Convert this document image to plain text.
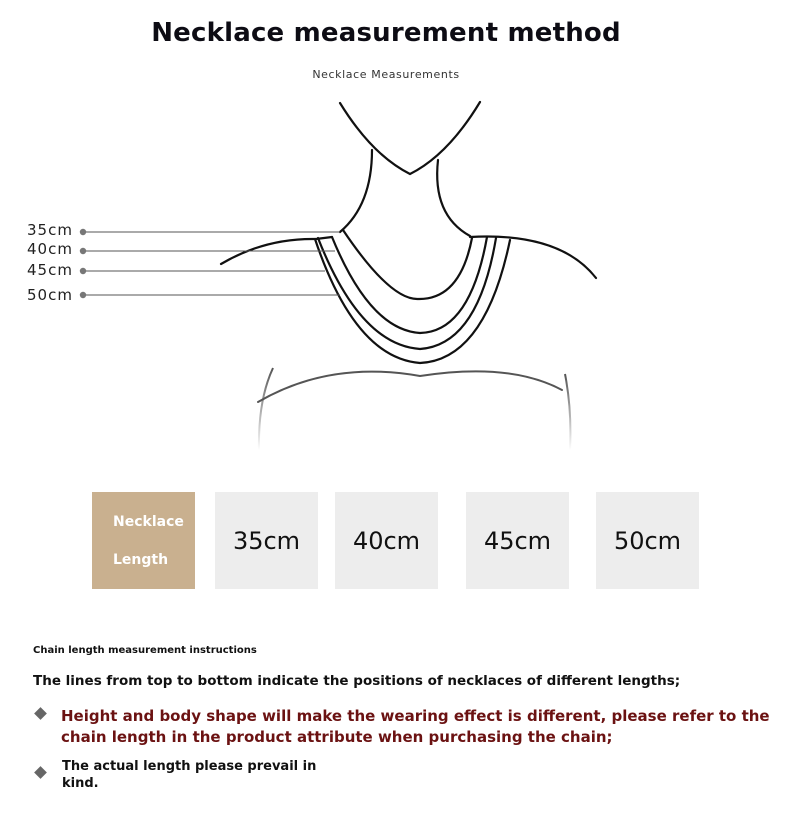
Necklace measurement method
Necklace Measurements
35cm
40cm
45cm
50cm
Necklace
Length
35cm	40cm	45cm	50cm
Chain length measurement instructions
The lines from top to bottom indicate the positions of necklaces of different lengths;
Height and body shape will make the wearing effect is different, please refer to the chain length in the product attribute when purchasing the chain;
The actual length please prevail in kind.
